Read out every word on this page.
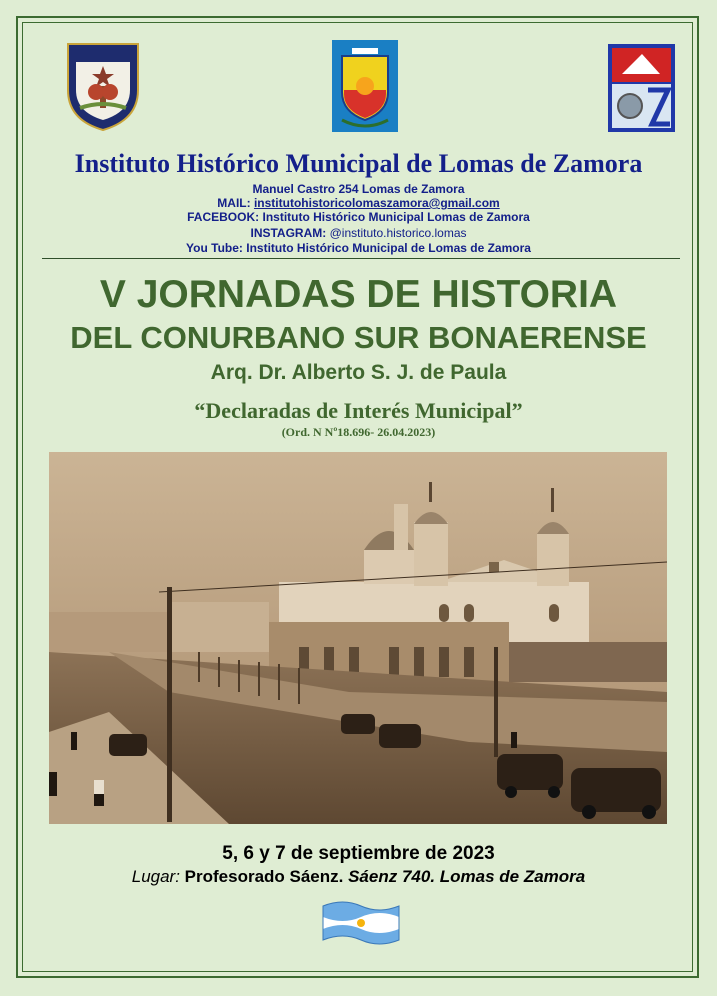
Instituto Histórico Municipal de Lomas de Zamora
Manuel Castro 254 Lomas de Zamora
MAIL: institutohistoricolomaszamora@gmail.com
FACEBOOK: Instituto Histórico Municipal Lomas de Zamora
INSTAGRAM: @instituto.historico.lomas
You Tube: Instituto Histórico Municipal de Lomas de Zamora
V JORNADAS DE HISTORIA
DEL CONURBANO SUR BONAERENSE
Arq. Dr. Alberto S. J. de Paula
“Declaradas de Interés Municipal”
(Ord. N Nº18.696- 26.04.2023)
5, 6 y 7 de septiembre de 2023
Lugar: Profesorado Sáenz. Sáenz 740. Lomas de Zamora
